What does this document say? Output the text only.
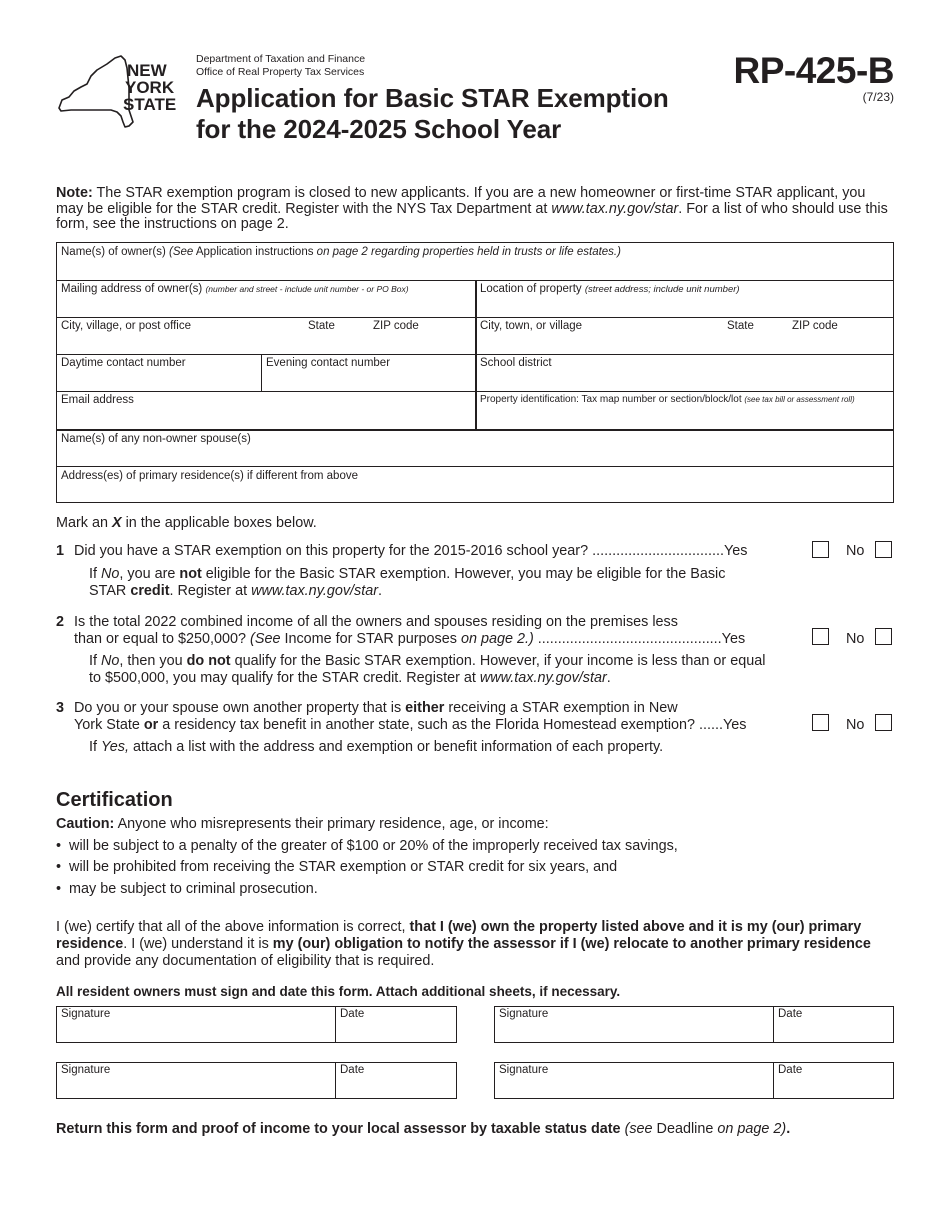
NEW
YORK
STATE
Department of Taxation and Finance
Office of Real Property Tax Services
Application for Basic STAR Exemption
for the 2024-2025 School Year
RP-425-B
(7/23)
Note: The STAR exemption program is closed to new applicants. If you are a new homeowner or first-time STAR applicant, you may be eligible for the STAR credit. Register with the NYS Tax Department at www.tax.ny.gov/star. For a list of who should use this form, see the instructions on page 2.
Name(s) of owner(s) (See Application instructions on page 2 regarding properties held in trusts or life estates.)
Mailing address of owner(s) (number and street - include unit number - or PO Box)	Location of property (street address; include unit number)
City, village, or post office	State	ZIP code	City, town, or village	State	ZIP code
Daytime contact number	Evening contact number	School district
Email address	Property identification: Tax map number or section/block/lot (see tax bill or assessment roll)
Name(s) of any non-owner spouse(s)
Address(es) of primary residence(s) if different from above
Mark an X in the applicable boxes below.
1 Did you have a STAR exemption on this property for the 2015-2016 school year? .................................Yes	No
If No, you are not eligible for the Basic STAR exemption. However, you may be eligible for the Basic STAR credit. Register at www.tax.ny.gov/star.
2 Is the total 2022 combined income of all the owners and spouses residing on the premises less
than or equal to $250,000? (See Income for STAR purposes on page 2.) ..............................................Yes	No
If No, then you do not qualify for the Basic STAR exemption. However, if your income is less than or equal to $500,000, you may qualify for the STAR credit. Register at www.tax.ny.gov/star.
3 Do you or your spouse own another property that is either receiving a STAR exemption in New
York State or a residency tax benefit in another state, such as the Florida Homestead exemption? ......Yes	No
If Yes, attach a list with the address and exemption or benefit information of each property.
Certification
Caution: Anyone who misrepresents their primary residence, age, or income:
•  will be subject to a penalty of the greater of $100 or 20% of the improperly received tax savings,
•  will be prohibited from receiving the STAR exemption or STAR credit for six years, and
•  may be subject to criminal prosecution.
I (we) certify that all of the above information is correct, that I (we) own the property listed above and it is my (our) primary residence. I (we) understand it is my (our) obligation to notify the assessor if I (we) relocate to another primary residence and provide any documentation of eligibility that is required.
All resident owners must sign and date this form. Attach additional sheets, if necessary.
Signature	Date	Signature	Date
Signature	Date	Signature	Date
Return this form and proof of income to your local assessor by taxable status date (see Deadline on page 2).
